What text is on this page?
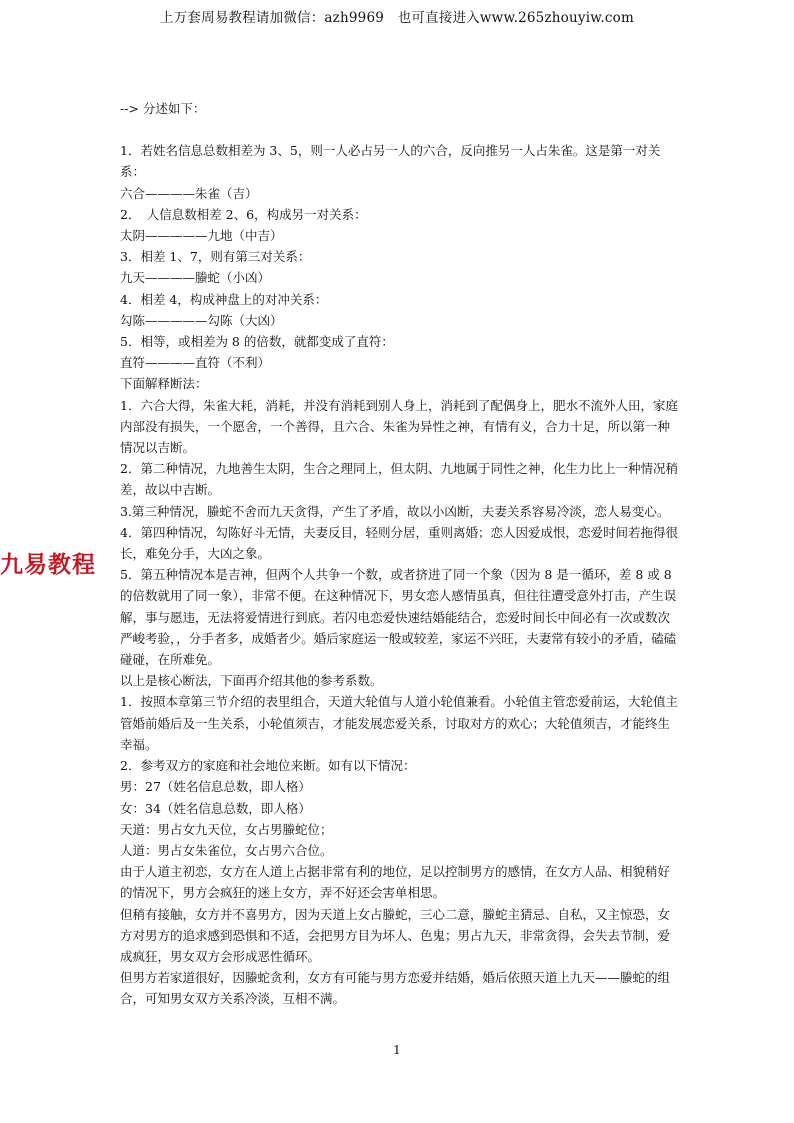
上万套周易教程请加微信：azh9969　也可直接进入www.265zhouyiw.com

--> 分述如下：

1．若姓名信息总数相差为 3、5，则一人必占另一人的六合，反向推另一人占朱雀。这是第一对关系：

六合————朱雀（吉）

2．　人信息数相差 2、6，构成另一对关系：

太阴—————九地（中吉）

3．相差 1、7，则有第三对关系：

九天————螣蛇（小凶）

4．相差 4，构成神盘上的对冲关系：

勾陈—————勾陈（大凶）

5．相等，或相差为 8 的倍数，就都变成了直符：

直符————直符（不利）

下面解释断法：

1．六合大得，朱雀大耗，消耗，并没有消耗到别人身上，消耗到了配偶身上，肥水不流外人田，家庭内部没有损失，一个愿舍，一个善得，且六合、朱雀为异性之神，有情有义，合力十足，所以第一种情况以吉断。

2．第二种情况，九地善生太阴，生合之理同上，但太阴、九地属于同性之神，化生力比上一种情况稍差，故以中吉断。

3.第三种情况，螣蛇不舍而九天贪得，产生了矛盾，故以小凶断，夫妻关系容易冷淡，恋人易变心。

4．第四种情况，勾陈好斗无情，夫妻反目，轻则分居，重则离婚；恋人因爱成恨，恋爱时间若拖得很长，难免分手，大凶之象。

5．第五种情况本是吉神，但两个人共争一个数，或者挤进了同一个象（因为 8 是一循环，差 8 或 8 的倍数就用了同一象），非常不便。在这种情况下，男女恋人感情虽真，但往往遭受意外打击，产生误解，事与愿违，无法将爱情进行到底。若闪电恋爱快速结婚能结合，恋爱时间长中间必有一次或数次严峻考验，，分手者多，成婚者少。婚后家庭运一般或较差，家运不兴旺，夫妻常有较小的矛盾，磕磕碰碰，在所难免。

以上是核心断法，下面再介绍其他的参考系数。

1．按照本章第三节介绍的表里组合，天道大轮值与人道小轮值兼看。小轮值主管恋爱前运，大轮值主管婚前婚后及一生关系，小轮值须吉，才能发展恋爱关系，讨取对方的欢心；大轮值须吉，才能终生幸福。

2．参考双方的家庭和社会地位来断。如有以下情况：

男：27（姓名信息总数，即人格）

女：34（姓名信息总数，即人格）

天道：男占女九天位，女占男螣蛇位；

人道：男占女朱雀位，女占男六合位。

由于人道主初恋，女方在人道上占据非常有利的地位，足以控制男方的感情，在女方人品、相貌稍好的情况下，男方会疯狂的迷上女方，弄不好还会害单相思。

但稍有接触，女方并不喜男方，因为天道上女占螣蛇，三心二意，螣蛇主猜忌、自私，又主惊恐，女方对男方的追求感到恐惧和不适，会把男方目为坏人、色鬼；男占九天，非常贪得，会失去节制，爱成疯狂，男女双方会形成恶性循环。

但男方若家道很好，因螣蛇贪利，女方有可能与男方恋爱并结婚，婚后依照天道上九天——螣蛇的组合，可知男女双方关系冷淡，互相不满。

九易教程
1
